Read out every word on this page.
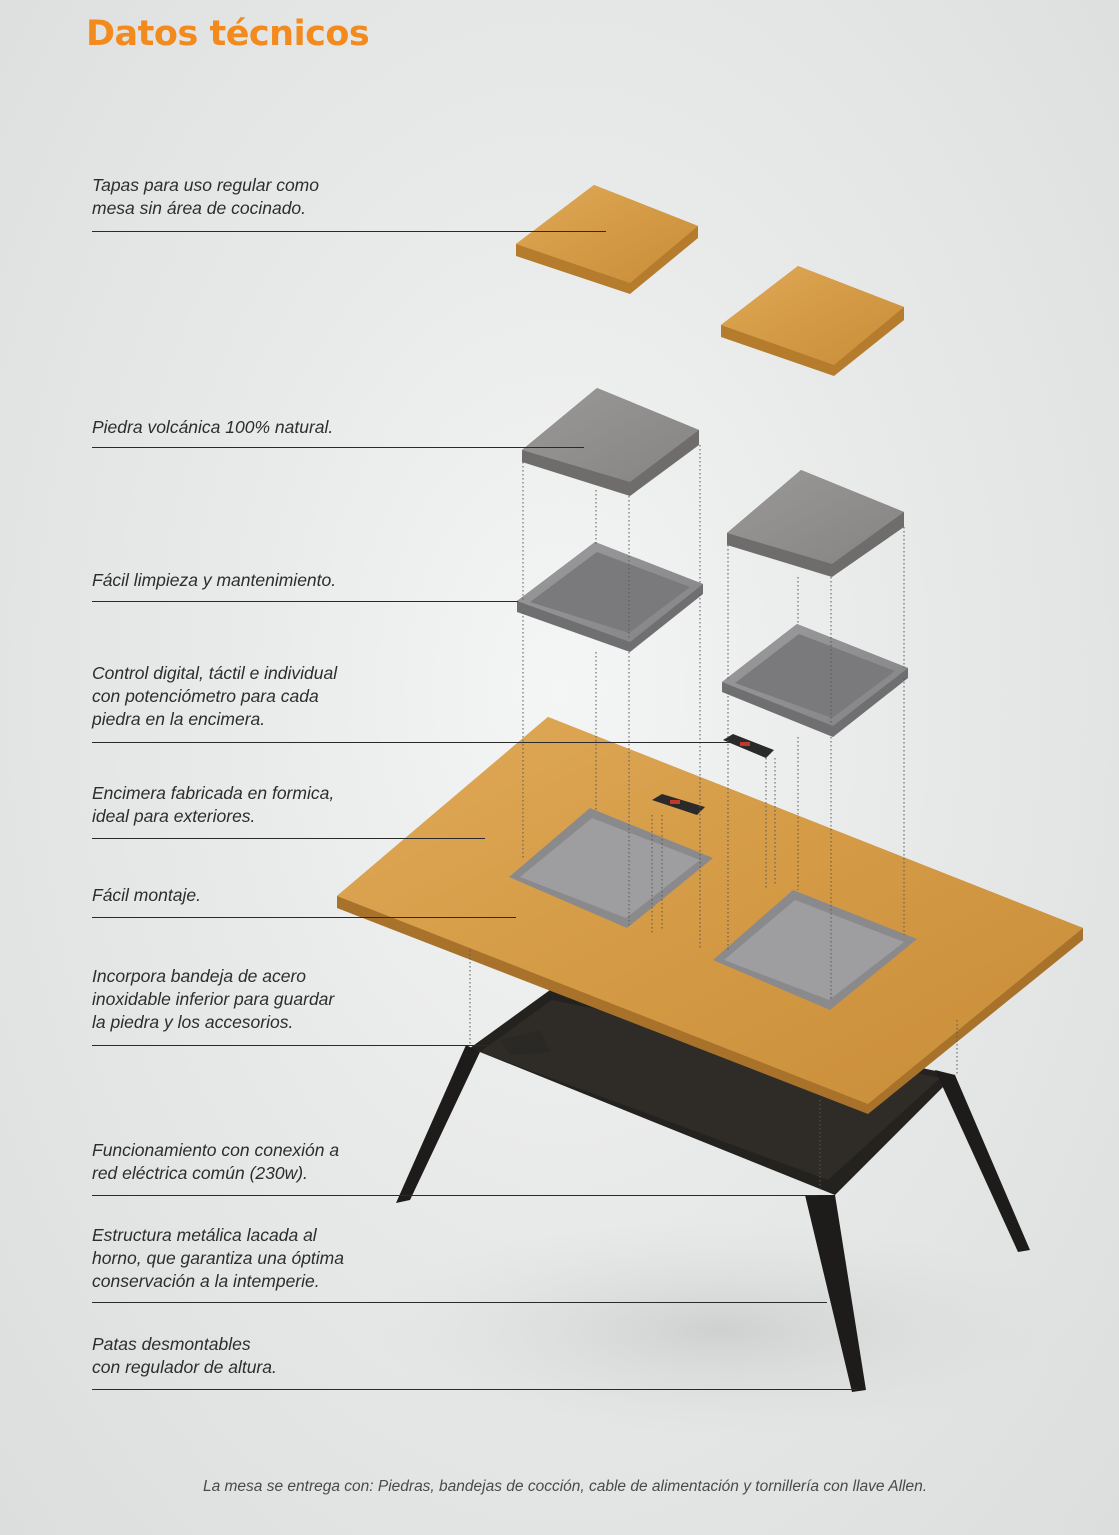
Datos técnicos
Tapas para uso regular como
mesa sin área de cocinado.
Piedra volcánica 100% natural.
Fácil limpieza y mantenimiento.
Control digital, táctil e individual
con potenciómetro para cada
piedra en la encimera.
Encimera fabricada en formica,
ideal para exteriores.
Fácil montaje.
Incorpora bandeja de acero
inoxidable inferior para guardar
la piedra y los accesorios.
Funcionamiento con conexión a
red eléctrica común (230w).
Estructura metálica lacada al
horno, que garantiza una óptima
conservación a la intemperie.
Patas desmontables
con regulador de altura.
La mesa se entrega con: Piedras, bandejas de cocción, cable de alimentación y tornillería con llave Allen.
